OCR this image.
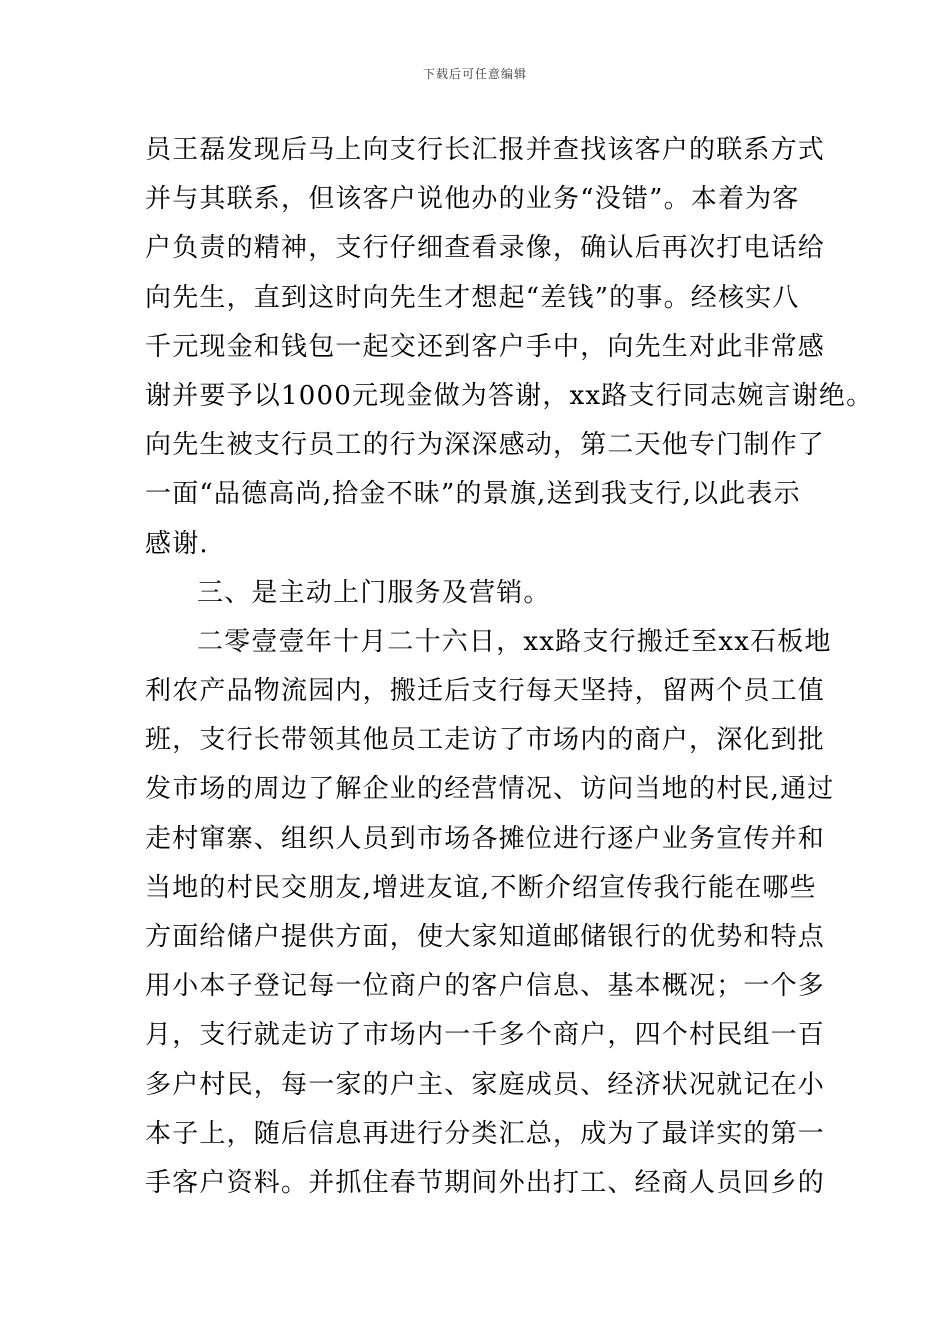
下载后可任意编辑
员王磊发现后马上向支行长汇报并查找该客户的联系方式
并与其联系，但该客户说他办的业务“没错”。本着为客
户负责的精神，支行仔细查看录像，确认后再次打电话给
向先生，直到这时向先生才想起“差钱”的事。经核实八
千元现金和钱包一起交还到客户手中，向先生对此非常感
谢并要予以1000元现金做为答谢，xx路支行同志婉言谢绝。
向先生被支行员工的行为深深感动，第二天他专门制作了
一面“品德高尚,拾金不昧”的景旗,送到我支行,以此表示
感谢.
三、是主动上门服务及营销。
二零壹壹年十月二十六日，xx路支行搬迁至xx石板地
利农产品物流园内，搬迁后支行每天坚持，留两个员工值
班，支行长带领其他员工走访了市场内的商户，深化到批
发市场的周边了解企业的经营情况、访问当地的村民,通过
走村窜寨、组织人员到市场各摊位进行逐户业务宣传并和
当地的村民交朋友,增进友谊,不断介绍宣传我行能在哪些
方面给储户提供方面，使大家知道邮储银行的优势和特点
用小本子登记每一位商户的客户信息、基本概况；一个多
月，支行就走访了市场内一千多个商户，四个村民组一百
多户村民，每一家的户主、家庭成员、经济状况就记在小
本子上，随后信息再进行分类汇总，成为了最详实的第一
手客户资料。并抓住春节期间外出打工、经商人员回乡的
